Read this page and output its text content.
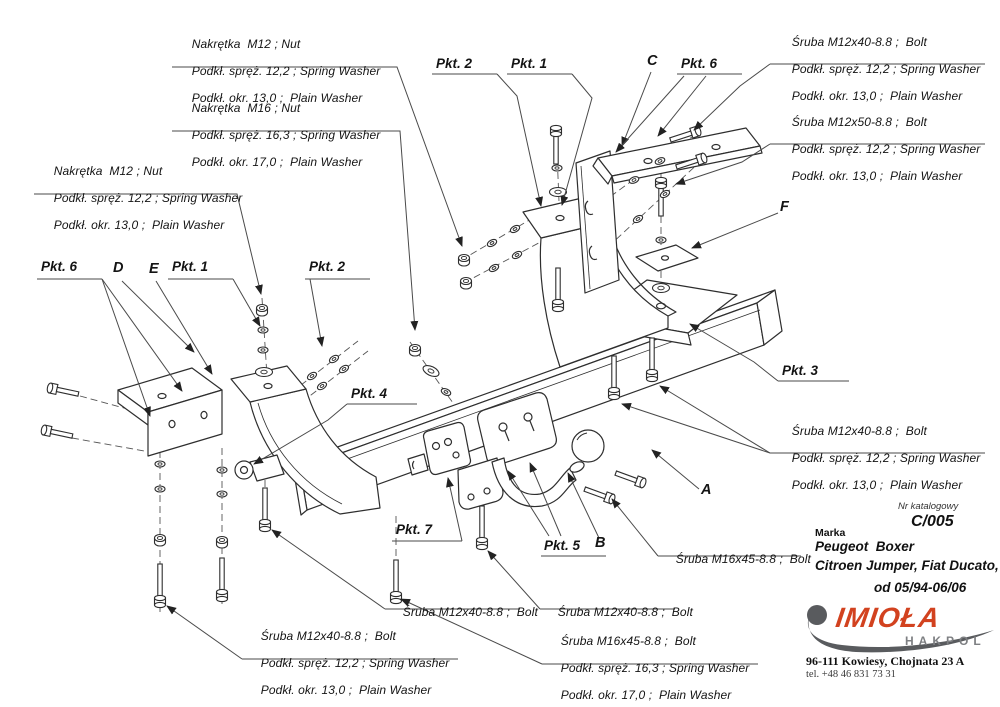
Nakrętka  M12 ; Nut

Podkł. spręż. 12,2 ; Spring Washer

Podkł. okr. 13,0 ;  Plain Washer

Nakrętka  M16 ; Nut

Podkł. spręż. 16,3 ; Spring Washer

Podkł. okr. 17,0 ;  Plain Washer

Nakrętka  M12 ; Nut

Podkł. spręż. 12,2 ; Spring Washer

Podkł. okr. 13,0 ;  Plain Washer

Śruba M12x40-8.8 ;  Bolt

Podkł. spręż. 12,2 ; Spring Washer

Podkł. okr. 13,0 ;  Plain Washer

Śruba M12x50-8.8 ;  Bolt

Podkł. spręż. 12,2 ; Spring Washer

Podkł. okr. 13,0 ;  Plain Washer

Śruba M12x40-8.8 ;  Bolt

Podkł. spręż. 12,2 ; Spring Washer

Podkł. okr. 13,0 ;  Plain Washer

Śruba M12x40-8.8 ;  Bolt

Podkł. spręż. 12,2 ; Spring Washer

Podkł. okr. 13,0 ;  Plain Washer

Śruba M16x45-8.8 ;  Bolt

Podkł. spręż. 16,3 ; Spring Washer

Podkł. okr. 17,0 ;  Plain Washer

Śruba M12x40-8.8 ;  Bolt
	Śruba M12x40-8.8 ;  Bolt

Śruba M16x45-8.8 ;  Bolt

Pkt. 2	Pkt. 1	C Pkt. 6
F
Pkt. 3
A
Pkt. 5 B
Pkt. 7
Pkt. 4
Pkt. 6 D E Pkt. 1	Pkt. 2
Nr katalogowy
C/005
Marka
Peugeot  Boxer
Citroen Jumper, Fiat Ducato,
od 05/94-06/06
IMIOŁA
HAKPOL
96-111 Kowiesy, Chojnata 23 A
tel. +48 46 831 73 31
